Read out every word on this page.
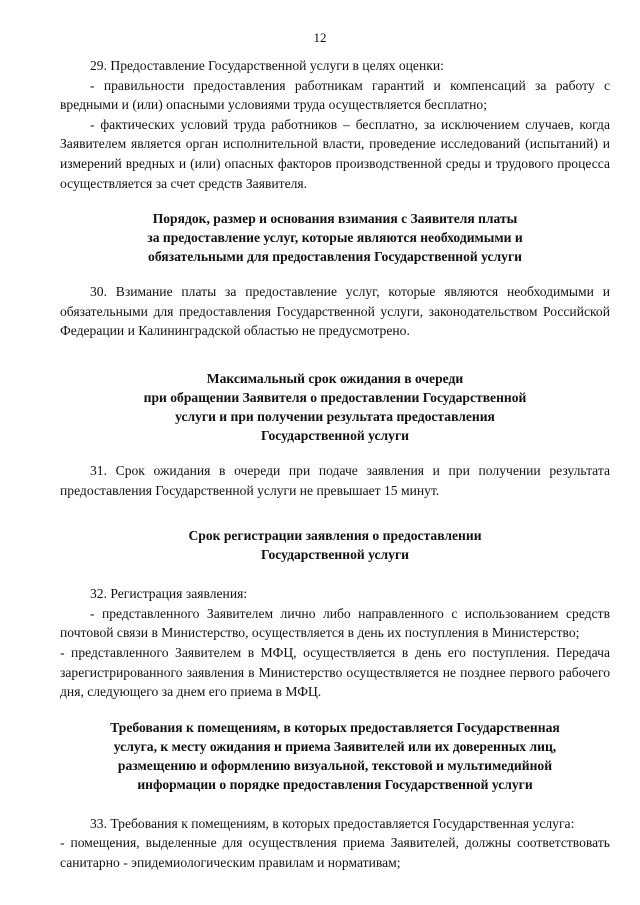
12

29. Предоставление Государственной услуги в целях оценки:

- правильности предоставления работникам гарантий и компенсаций за работу с вредными и (или) опасными условиями труда осуществляется бесплатно;

- фактических условий труда работников – бесплатно, за исключением случаев, когда Заявителем является орган исполнительной власти, проведение исследований (испытаний) и измерений вредных и (или) опасных факторов производственной среды и трудового процесса осуществляется за счет средств Заявителя.

Порядок, размер и основания взимания с Заявителя платы
за предоставление услуг, которые являются необходимыми и
обязательными для предоставления Государственной услуги

30. Взимание платы за предоставление услуг, которые являются необходимыми и обязательными для предоставления Государственной услуги, законодательством Российской Федерации и Калининградской областью не предусмотрено.

Максимальный срок ожидания в очереди
при обращении Заявителя о предоставлении Государственной
услуги и при получении результата предоставления
Государственной услуги

31. Срок ожидания в очереди при подаче заявления и при получении результата предоставления Государственной услуги не превышает 15 минут.

Срок регистрации заявления о предоставлении
Государственной услуги

32. Регистрация заявления:

- представленного Заявителем лично либо направленного с использованием средств почтовой связи в Министерство, осуществляется в день их поступления в Министерство;

- представленного Заявителем в МФЦ, осуществляется в день его поступления. Передача зарегистрированного заявления в Министерство осуществляется не позднее первого рабочего дня, следующего за днем его приема в МФЦ.

Требования к помещениям, в которых предоставляется Государственная
услуга, к месту ожидания и приема Заявителей или их доверенных лиц,
размещению и оформлению визуальной, текстовой и мультимедийной
информации о порядке предоставления Государственной услуги

33. Требования к помещениям, в которых предоставляется Государственная услуга:

- помещения, выделенные для осуществления приема Заявителей, должны соответствовать санитарно - эпидемиологическим правилам и нормативам;
